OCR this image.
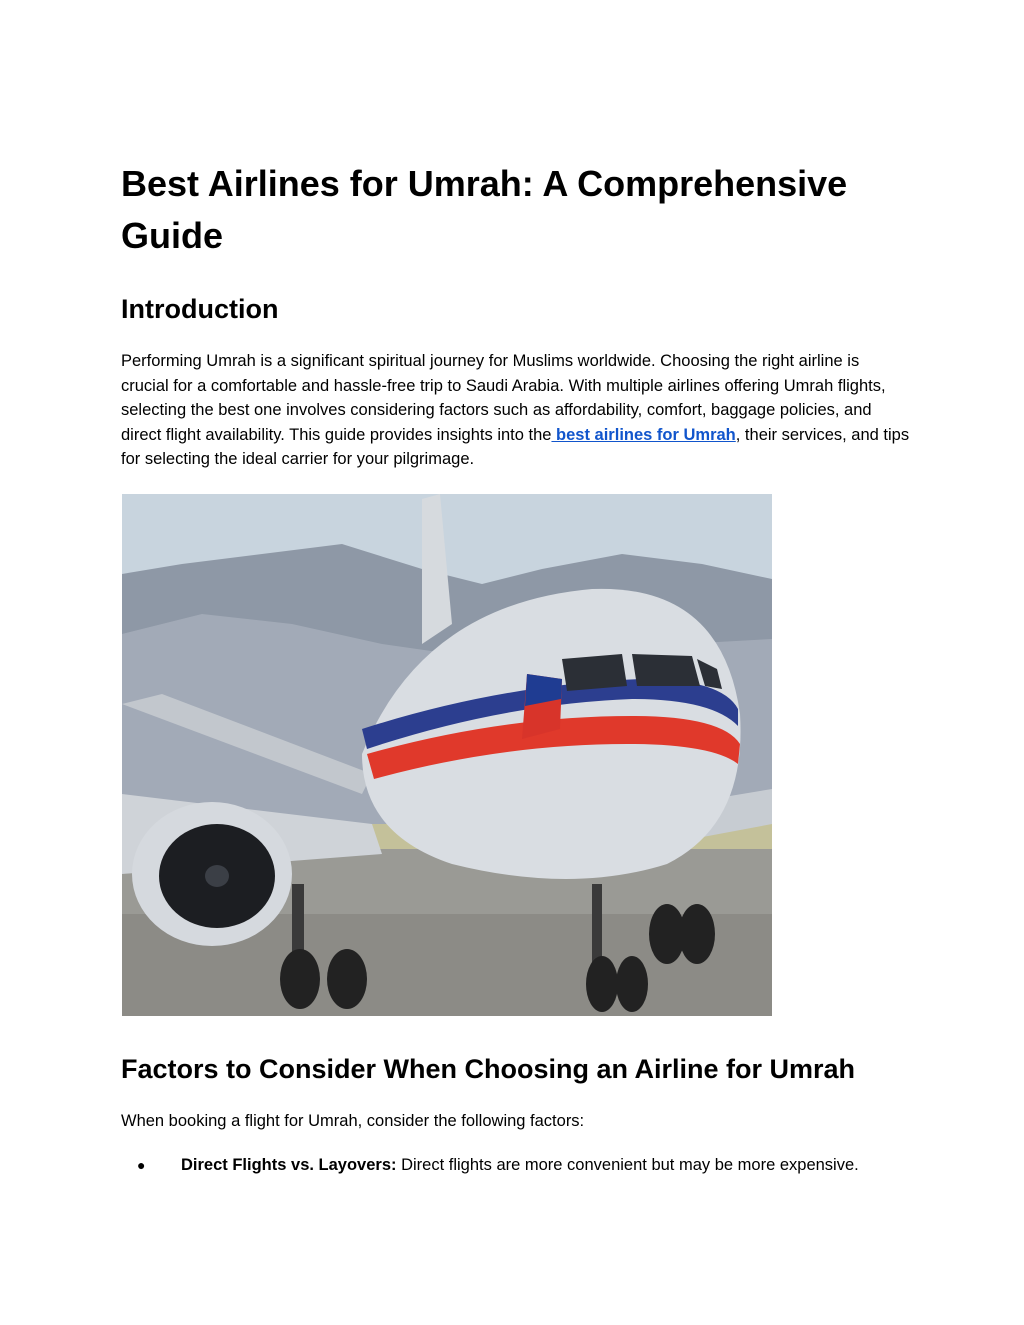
Best Airlines for Umrah: A Comprehensive Guide
Introduction

Performing Umrah is a significant spiritual journey for Muslims worldwide. Choosing the right airline is crucial for a comfortable and hassle-free trip to Saudi Arabia. With multiple airlines offering Umrah flights, selecting the best one involves considering factors such as affordability, comfort, baggage policies, and direct flight availability. This guide provides insights into the best airlines for Umrah, their services, and tips for selecting the ideal carrier for your pilgrimage.

Factors to Consider When Choosing an Airline for Umrah

When booking a flight for Umrah, consider the following factors:

● Direct Flights vs. Layovers: Direct flights are more convenient but may be more expensive.
